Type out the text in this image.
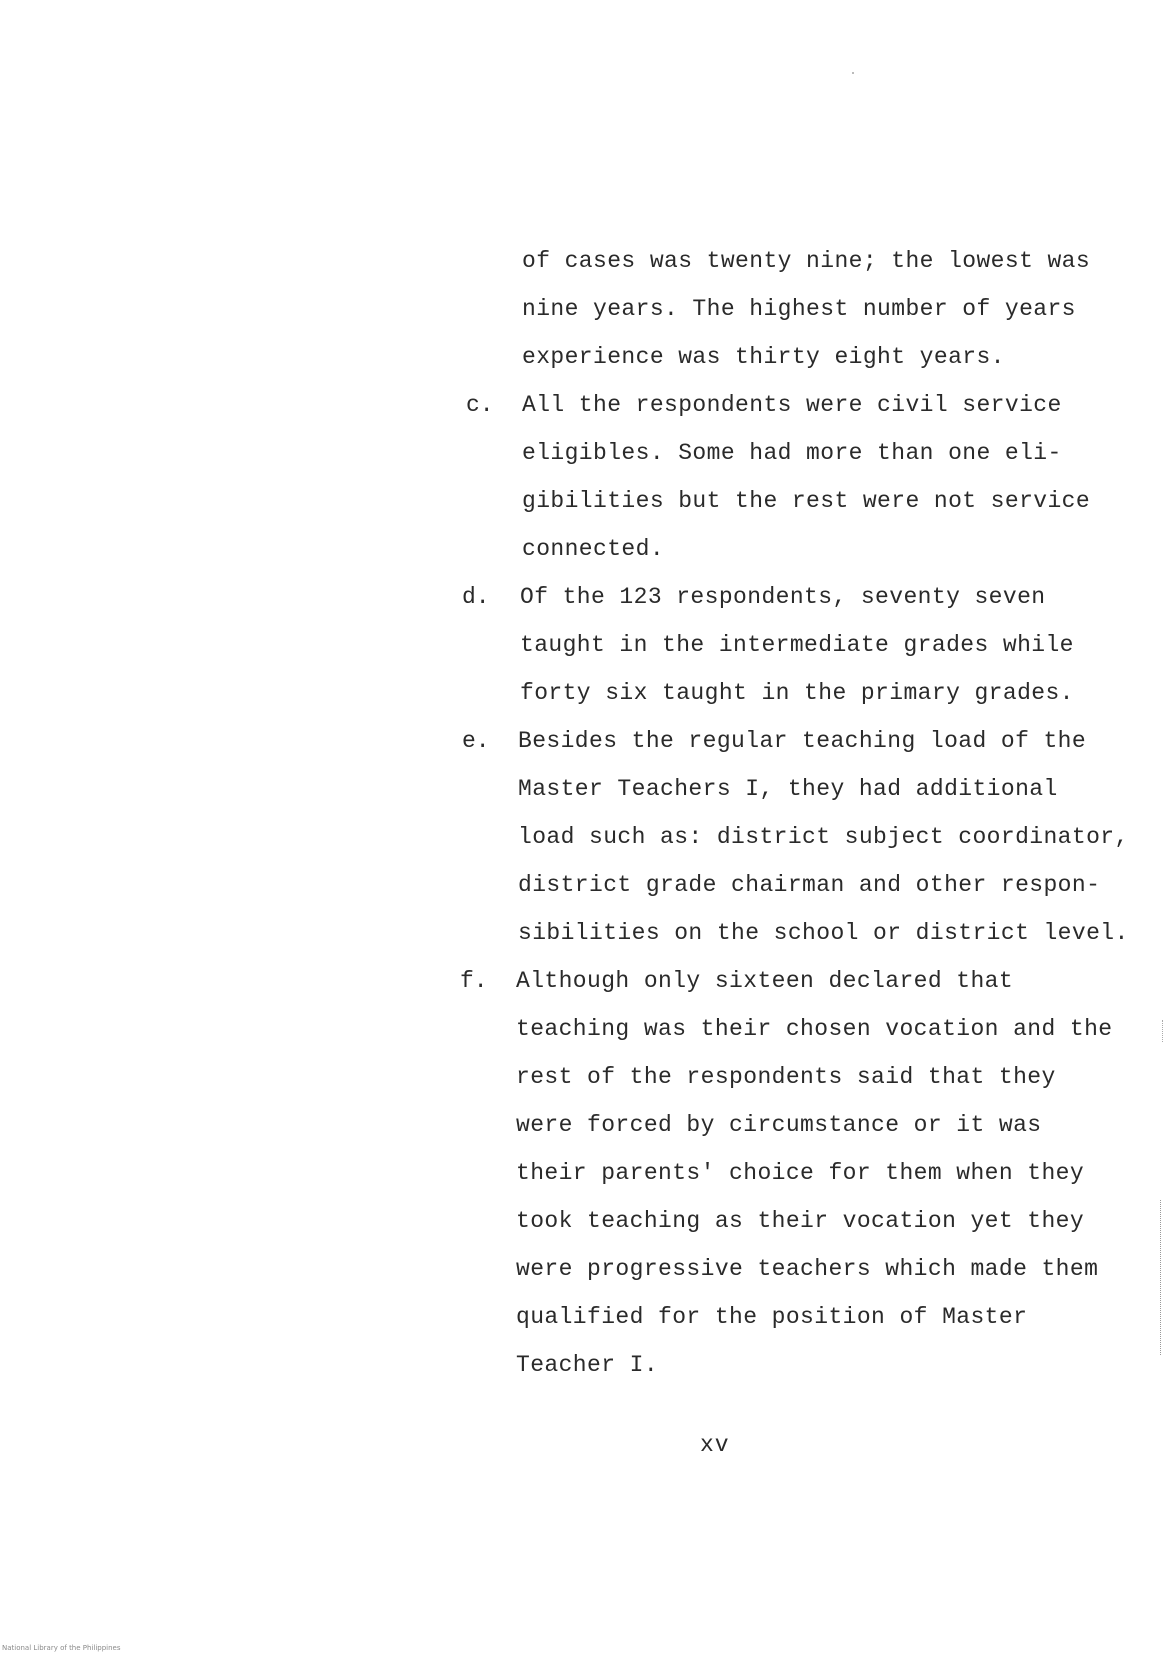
of cases was twenty nine; the lowest was
nine years. The highest number of years
experience was thirty eight years.
c. All the respondents were civil service
eligibles. Some had more than one eli-
gibilities but the rest were not service
connected.
d. Of the 123 respondents, seventy seven
taught in the intermediate grades while
forty six taught in the primary grades.
e. Besides the regular teaching load of the
Master Teachers I, they had additional
load such as: district subject coordinator,
district grade chairman and other respon-
sibilities on the school or district level.
f. Although only sixteen declared that
teaching was their chosen vocation and the
rest of the respondents said that they
were forced by circumstance or it was
their parents' choice for them when they
took teaching as their vocation yet they
were progressive teachers which made them
qualified for the position of Master
Teacher I.
xv
National Library of the Philippines
